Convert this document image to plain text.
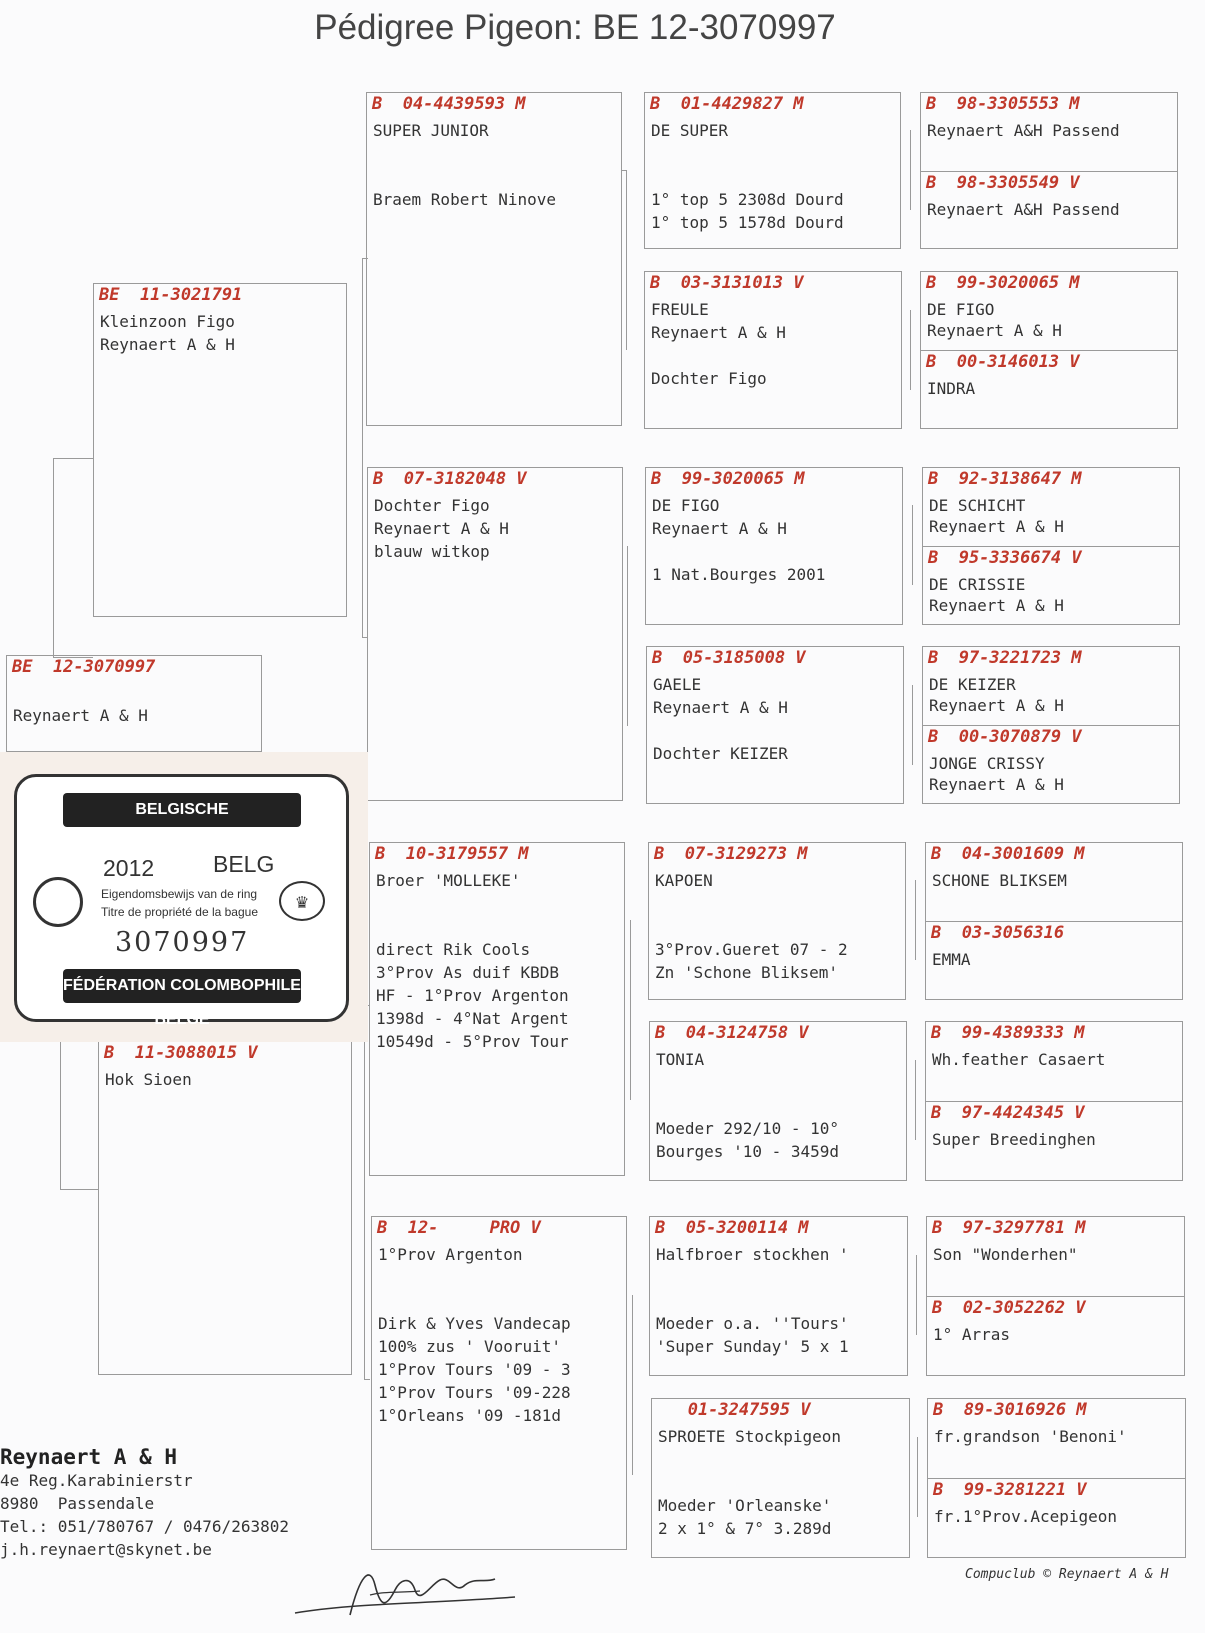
Pédigree Pigeon: BE 12-3070997
BE  12-3070997
Reynaert A & H
BE  11-3021791
Kleinzoon Figo
Reynaert A & H
B  11-3088015 V
Hok Sioen
B  04-4439593 M
SUPER JUNIOR
Braem Robert Ninove
B  07-3182048 V
Dochter Figo
Reynaert A & H
blauw witkop
B  10-3179557 M
Broer 'MOLLEKE'
direct Rik Cools
3°Prov As duif KBDB
HF - 1°Prov Argenton
1398d - 4°Nat Argent
10549d - 5°Prov Tour
B  12-     PRO V
1°Prov Argenton
Dirk & Yves Vandecap
100% zus ' Vooruit'
1°Prov Tours '09 - 3
1°Prov Tours '09-228
1°Orleans '09 -181d
B  01-4429827 M
DE SUPER
1° top 5 2308d Dourd
1° top 5 1578d Dourd
B  03-3131013 V
FREULE
Reynaert A & H
Dochter Figo
B  99-3020065 M
DE FIGO
Reynaert A & H
1 Nat.Bourges 2001
B  05-3185008 V
GAELE
Reynaert A & H
Dochter KEIZER
B  07-3129273 M
KAPOEN
3°Prov.Gueret 07 - 2
Zn 'Schone Bliksem'
B  04-3124758 V
TONIA
Moeder 292/10 - 10°
Bourges '10 - 3459d
B  05-3200114 M
Halfbroer stockhen '
Moeder o.a. ''Tours'
'Super Sunday' 5 x 1
01-3247595 V
SPROETE Stockpigeon
Moeder 'Orleanske'
2 x 1° & 7° 3.289d
B  98-3305553 M
Reynaert A&H Passend
B  98-3305549 V
Reynaert A&H Passend
B  99-3020065 M
DE FIGO
Reynaert A & H
B  00-3146013 V
INDRA
B  92-3138647 M
DE SCHICHT
Reynaert A & H
B  95-3336674 V
DE CRISSIE
Reynaert A & H
B  97-3221723 M
DE KEIZER
Reynaert A & H
B  00-3070879 V
JONGE CRISSY
Reynaert A & H
B  04-3001609 M
SCHONE BLIKSEM
B  03-3056316
EMMA
B  99-4389333 M
Wh.feather Casaert
B  97-4424345 V
Super Breedinghen
B  97-3297781 M
Son "Wonderhen"
B  02-3052262 V
1° Arras
B  89-3016926 M
fr.grandson 'Benoni'
B  99-3281221 V
fr.1°Prov.Acepigeon
BELGISCHE DUIVENLIEFHEBBERSBOND
2012	BELG
Eigendomsbewijs van de ring
Titre de propriété de la bague
3070997
FÉDÉRATION COLOMBOPHILE BELGE
♛
Reynaert A & H
4e Reg.Karabinierstr
8980  Passendale
Tel.: 051/780767 / 0476/263802
j.h.reynaert@skynet.be
Compuclub © Reynaert A & H
